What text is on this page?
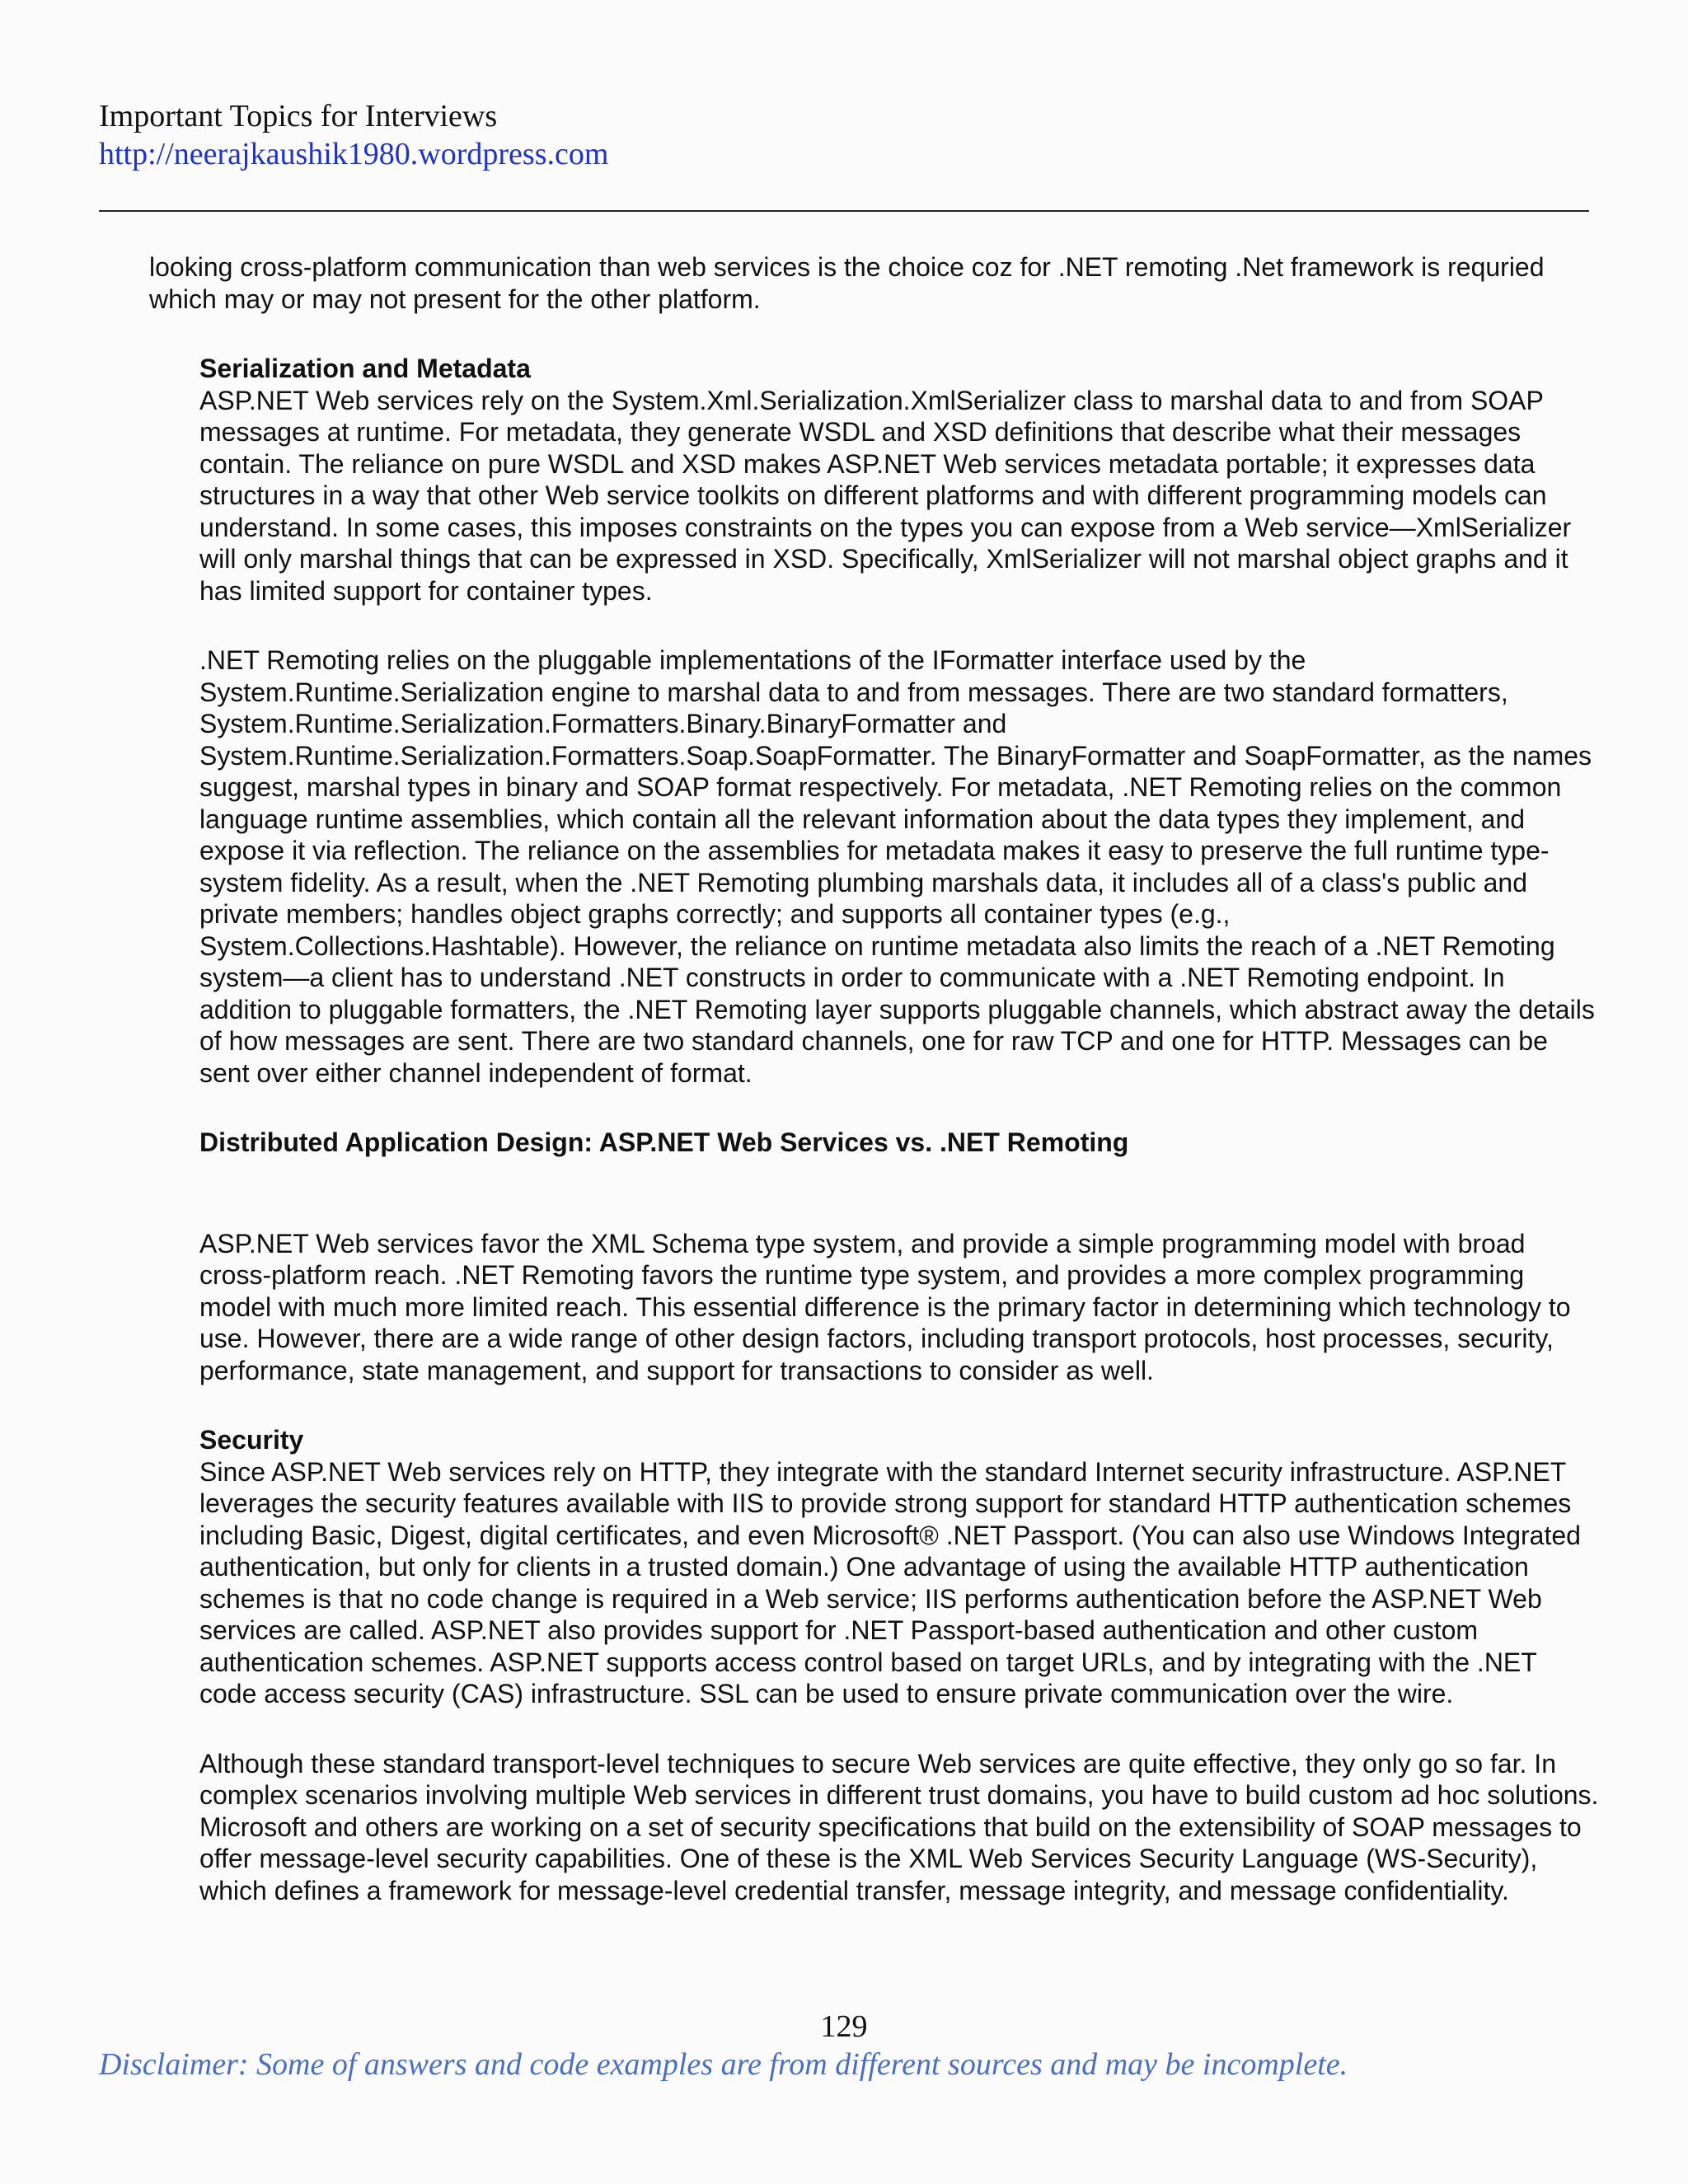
Important Topics for Interviews
http://neerajkaushik1980.wordpress.com

looking cross-platform communication than web services is the choice coz for .NET remoting .Net framework is requried which may or may not present for the other platform.

Serialization and Metadata

ASP.NET Web services rely on the System.Xml.Serialization.XmlSerializer class to marshal data to and from SOAP messages at runtime. For metadata, they generate WSDL and XSD definitions that describe what their messages contain. The reliance on pure WSDL and XSD makes ASP.NET Web services metadata portable; it expresses data structures in a way that other Web service toolkits on different platforms and with different programming models can understand. In some cases, this imposes constraints on the types you can expose from a Web service—XmlSerializer will only marshal things that can be expressed in XSD. Specifically, XmlSerializer will not marshal object graphs and it has limited support for container types.

.NET Remoting relies on the pluggable implementations of the IFormatter interface used by the System.Runtime.Serialization engine to marshal data to and from messages. There are two standard formatters, System.Runtime.Serialization.Formatters.Binary.BinaryFormatter and System.Runtime.Serialization.Formatters.Soap.SoapFormatter. The BinaryFormatter and SoapFormatter, as the names suggest, marshal types in binary and SOAP format respectively. For metadata, .NET Remoting relies on the common language runtime assemblies, which contain all the relevant information about the data types they implement, and expose it via reflection. The reliance on the assemblies for metadata makes it easy to preserve the full runtime type-system fidelity. As a result, when the .NET Remoting plumbing marshals data, it includes all of a class's public and private members; handles object graphs correctly; and supports all container types (e.g., System.Collections.Hashtable). However, the reliance on runtime metadata also limits the reach of a .NET Remoting system—a client has to understand .NET constructs in order to communicate with a .NET Remoting endpoint. In addition to pluggable formatters, the .NET Remoting layer supports pluggable channels, which abstract away the details of how messages are sent. There are two standard channels, one for raw TCP and one for HTTP. Messages can be sent over either channel independent of format.

Distributed Application Design: ASP.NET Web Services vs. .NET Remoting

ASP.NET Web services favor the XML Schema type system, and provide a simple programming model with broad cross-platform reach. .NET Remoting favors the runtime type system, and provides a more complex programming model with much more limited reach. This essential difference is the primary factor in determining which technology to use. However, there are a wide range of other design factors, including transport protocols, host processes, security, performance, state management, and support for transactions to consider as well.

Security

Since ASP.NET Web services rely on HTTP, they integrate with the standard Internet security infrastructure. ASP.NET leverages the security features available with IIS to provide strong support for standard HTTP authentication schemes including Basic, Digest, digital certificates, and even Microsoft® .NET Passport. (You can also use Windows Integrated authentication, but only for clients in a trusted domain.) One advantage of using the available HTTP authentication schemes is that no code change is required in a Web service; IIS performs authentication before the ASP.NET Web services are called. ASP.NET also provides support for .NET Passport-based authentication and other custom authentication schemes. ASP.NET supports access control based on target URLs, and by integrating with the .NET code access security (CAS) infrastructure. SSL can be used to ensure private communication over the wire.

Although these standard transport-level techniques to secure Web services are quite effective, they only go so far. In complex scenarios involving multiple Web services in different trust domains, you have to build custom ad hoc solutions. Microsoft and others are working on a set of security specifications that build on the extensibility of SOAP messages to offer message-level security capabilities. One of these is the XML Web Services Security Language (WS-Security), which defines a framework for message-level credential transfer, message integrity, and message confidentiality.

129
Disclaimer: Some of answers and code examples are from different sources and may be incomplete.
